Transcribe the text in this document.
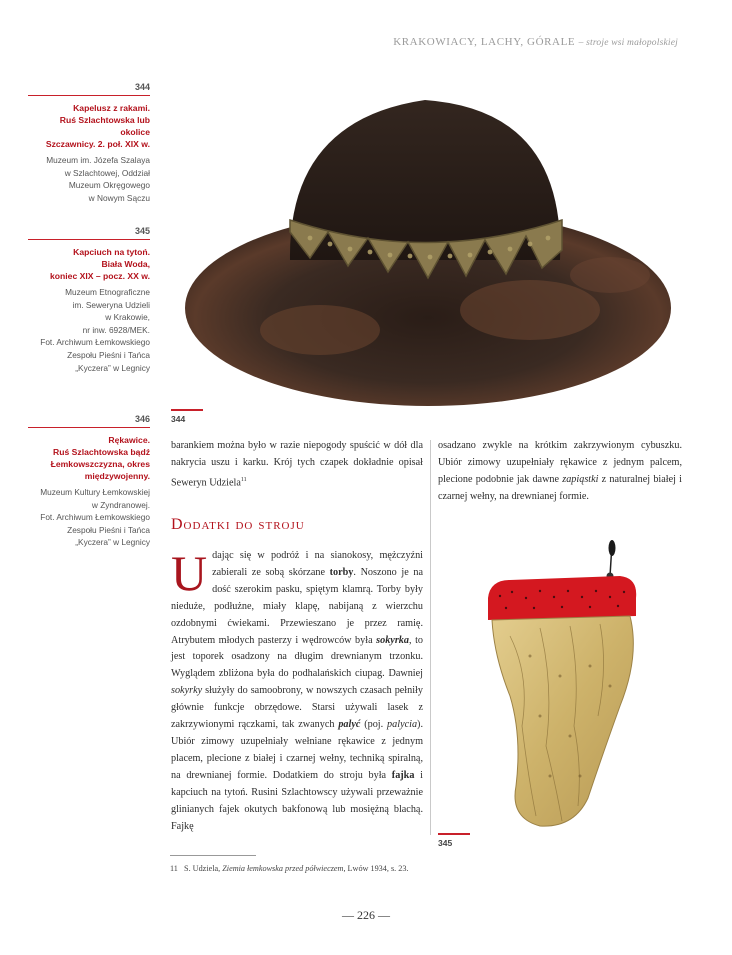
KRAKOWIACY, LACHY, GÓRALE – stroje wsi małopolskiej
344
Kapelusz z rakami.
Ruś Szlachtowska lub okolice
Szczawnicy. 2. poł. XIX w.
Muzeum im. Józefa Szalaya
w Szlachtowej, Oddział
Muzeum Okręgowego
w Nowym Sączu
345
Kapciuch na tytoń.
Biała Woda,
koniec XIX – pocz. XX w.
Muzeum Etnograficzne
im. Seweryna Udzieli
w Krakowie,
nr inw. 6928/MEK.
Fot. Archiwum Łemkowskiego
Zespołu Pieśni i Tańca
„Kyczera” w Legnicy
346
Rękawice.
Ruś Szlachtowska bądź
Łemkowszczyzna, okres
międzywojenny.
Muzeum Kultury Łemkowskiej
w Zyndranowej.
Fot. Archiwum Łemkowskiego
Zespołu Pieśni i Tańca
„Kyczera” w Legnicy
344

barankiem można było w razie niepogody spuścić w dół dla nakrycia uszu i karku. Krój tych czapek dokładnie opisał Seweryn Udziela$^{11}$

Dodatki do stroju

Udając się w podróż i na sianokosy, mężczyźni zabierali ze sobą skórzane torby. Noszono je na dość szerokim pasku, spiętym klamrą. Torby były nieduże, podłużne, miały klapę, nabijaną z wierzchu ozdobnymi ćwiekami. Przewieszano je przez ramię. Atrybutem młodych pasterzy i wędrowców była sokyrka, to jest toporek osadzony na długim drewnianym trzonku. Wyglądem zbliżona była do podhalańskich ciupag. Dawniej sokyrky służyły do samoobrony, w nowszych czasach pełniły głównie funkcje obrzędowe. Starsi używali lasek z zakrzywionymi rączkami, tak zwanych palyć (poj. palycia). Ubiór zimowy uzupełniały wełniane rękawice z jednym placem, plecione z białej i czarnej wełny, techniką spiralną, na drewnianej formie. Dodatkiem do stroju była fajka i kapciuch na tytoń. Rusini Szlachtowscy używali przeważnie glinianych fajek okutych bakfonową lub mosiężną blachą. Fajkę

osadzano zwykle na krótkim zakrzywionym cybuszku. Ubiór zimowy uzupełniały rękawice z jednym palcem, plecione podobnie jak dawne zapiąstki z naturalnej białej i czarnej wełny, na drewnianej formie.

345
11 S. Udziela, Ziemia łemkowska przed półwieczem, Lwów 1934, s. 23.
— 226 —
